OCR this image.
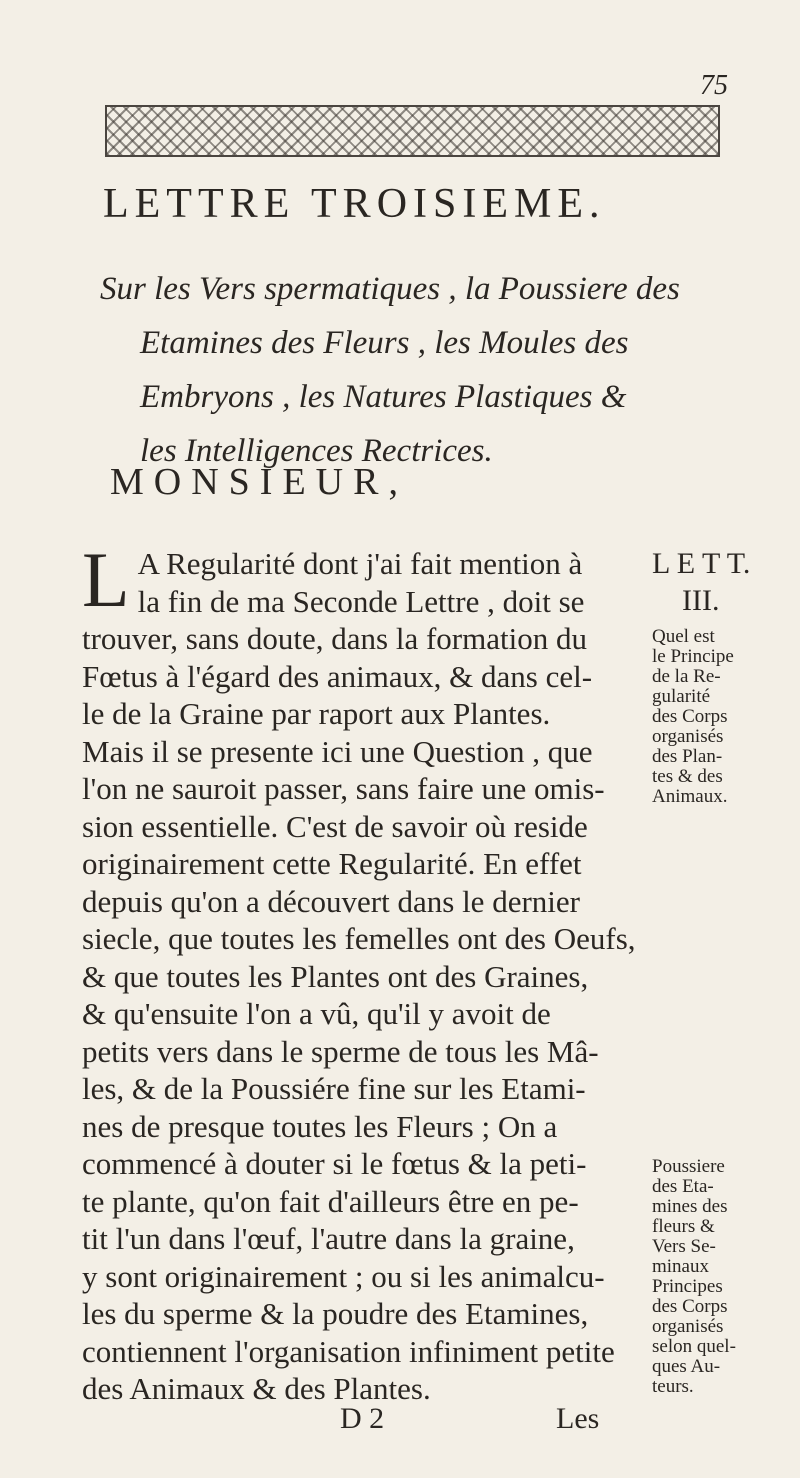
75
LETTRE TROISIEME.
Sur les Vers spermatiques , la Poussiere des
Etamines des Fleurs , les Moules des
Embryons , les Natures Plastiques &
les Intelligences Rectrices.
MONSIEUR,
L A Regularité dont j'ai fait mention à
la fin de ma Seconde Lettre , doit se
trouver, sans doute, dans la formation du
Fœtus à l'égard des animaux, & dans cel-
le de la Graine par raport aux Plantes.
Mais il se presente ici une Question , que
l'on ne sauroit passer, sans faire une omis-
sion essentielle. C'est de savoir où reside
originairement cette Regularité. En effet
depuis qu'on a découvert dans le dernier
siecle, que toutes les femelles ont des Oeufs,
& que toutes les Plantes ont des Graines,
& qu'ensuite l'on a vû, qu'il y avoit de
petits vers dans le sperme de tous les Mâ-
les, & de la Poussiére fine sur les Etami-
nes de presque toutes les Fleurs ; On a
commencé à douter si le fœtus & la peti-
te plante, qu'on fait d'ailleurs être en pe-
tit l'un dans l'œuf, l'autre dans la graine,
y sont originairement ; ou si les animalcu-
les du sperme & la poudre des Etamines,
contiennent l'organisation infiniment petite
des Animaux & des Plantes.
L E T T.
III.
Quel est
le Principe
de la Re-
gularité
des Corps
organisés
des Plan-
tes & des
Animaux.
Poussiere
des Eta-
mines des
fleurs &
Vers Se-
minaux
Principes
des Corps
organisés
selon quel-
ques Au-
teurs.
D 2	Les
